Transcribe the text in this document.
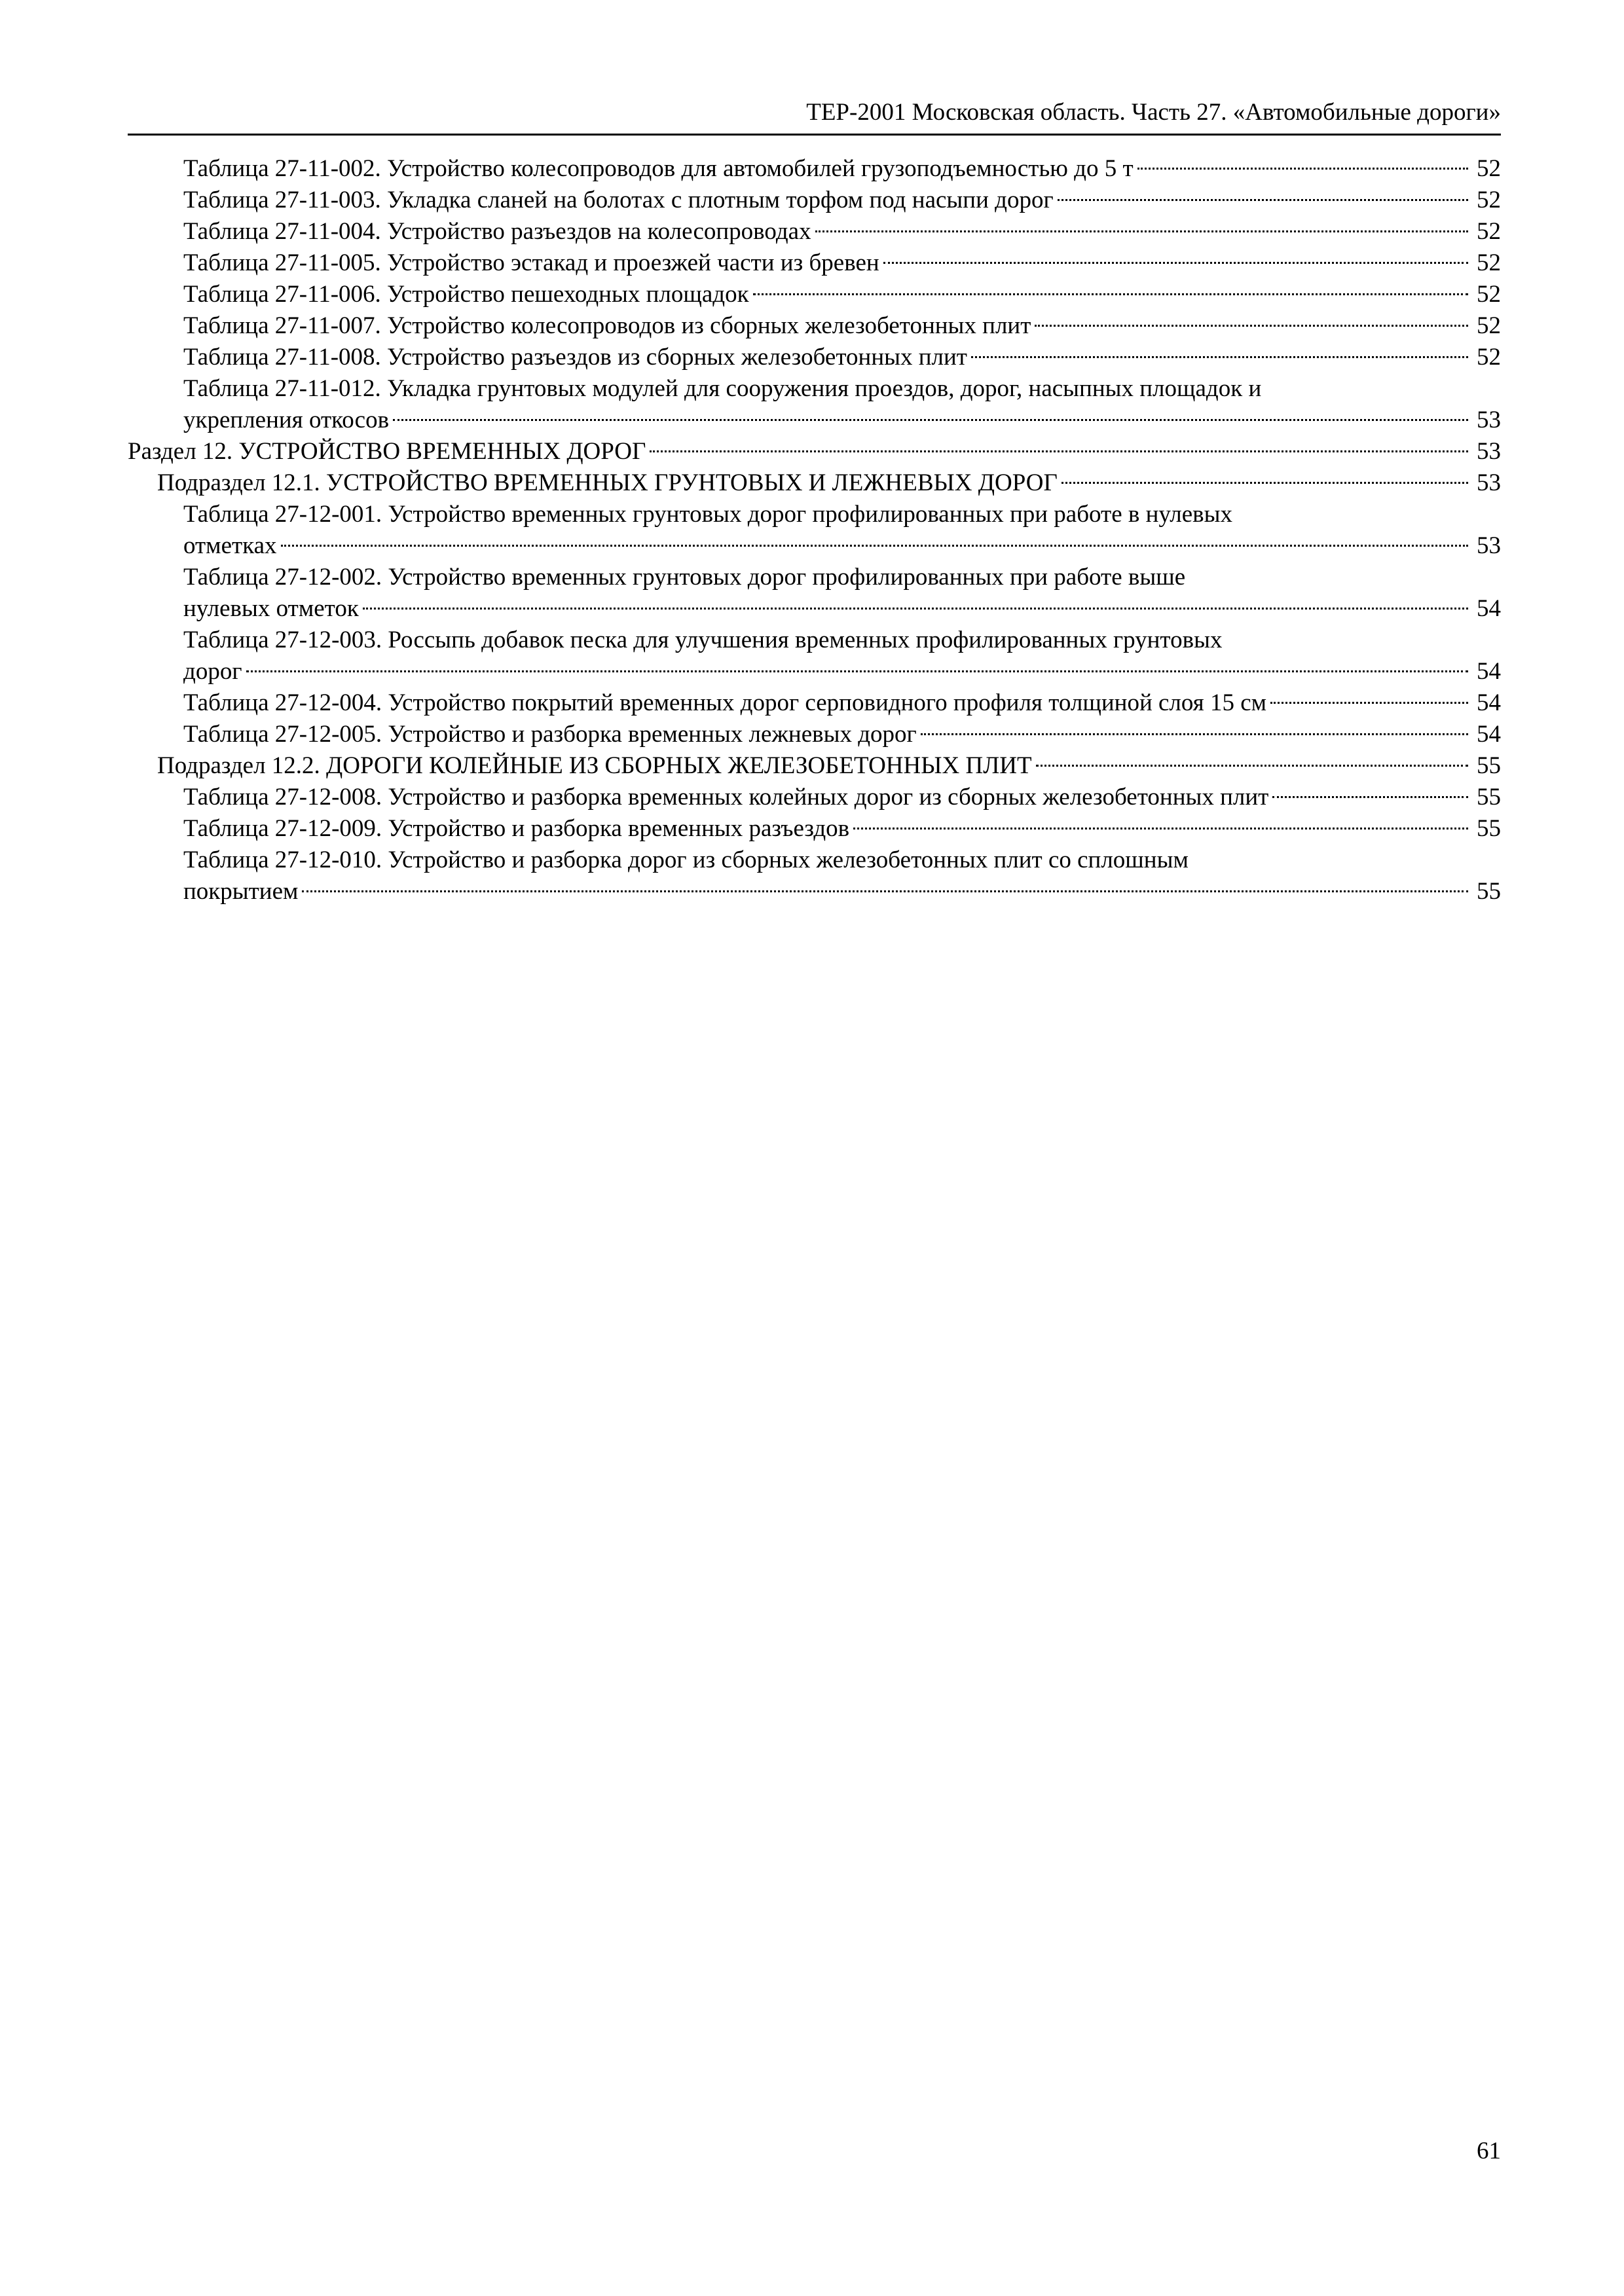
ТЕР-2001 Московская область. Часть 27. «Автомобильные дороги»
Таблица 27-11-002. Устройство колесопроводов для автомобилей грузоподъемностью до 5 т	52
Таблица 27-11-003. Укладка сланей на болотах с плотным торфом под насыпи дорог	52
Таблица 27-11-004. Устройство разъездов на колесопроводах	52
Таблица 27-11-005. Устройство эстакад и проезжей части из бревен	52
Таблица 27-11-006. Устройство пешеходных площадок	52
Таблица 27-11-007. Устройство колесопроводов из сборных железобетонных плит	52
Таблица 27-11-008. Устройство разъездов из сборных железобетонных плит	52
Таблица 27-11-012. Укладка грунтовых модулей для сооружения проездов, дорог, насыпных площадок и
укрепления откосов	53
Раздел 12. УСТРОЙСТВО ВРЕМЕННЫХ ДОРОГ	53
Подраздел 12.1. УСТРОЙСТВО ВРЕМЕННЫХ ГРУНТОВЫХ И ЛЕЖНЕВЫХ ДОРОГ	53
Таблица 27-12-001. Устройство временных грунтовых дорог профилированных при работе в нулевых
отметках	53
Таблица 27-12-002. Устройство временных грунтовых дорог профилированных при работе выше
нулевых отметок	54
Таблица 27-12-003. Россыпь добавок песка для улучшения временных профилированных грунтовых
дорог	54
Таблица 27-12-004. Устройство покрытий временных дорог серповидного профиля толщиной слоя 15 см	54
Таблица 27-12-005. Устройство и разборка временных лежневых дорог	54
Подраздел 12.2. ДОРОГИ КОЛЕЙНЫЕ ИЗ СБОРНЫХ ЖЕЛЕЗОБЕТОННЫХ ПЛИТ	55
Таблица 27-12-008. Устройство и разборка временных колейных дорог из сборных железобетонных плит	55
Таблица 27-12-009. Устройство и разборка временных разъездов	55
Таблица 27-12-010. Устройство и разборка дорог из сборных железобетонных плит со сплошным
покрытием	55
61
